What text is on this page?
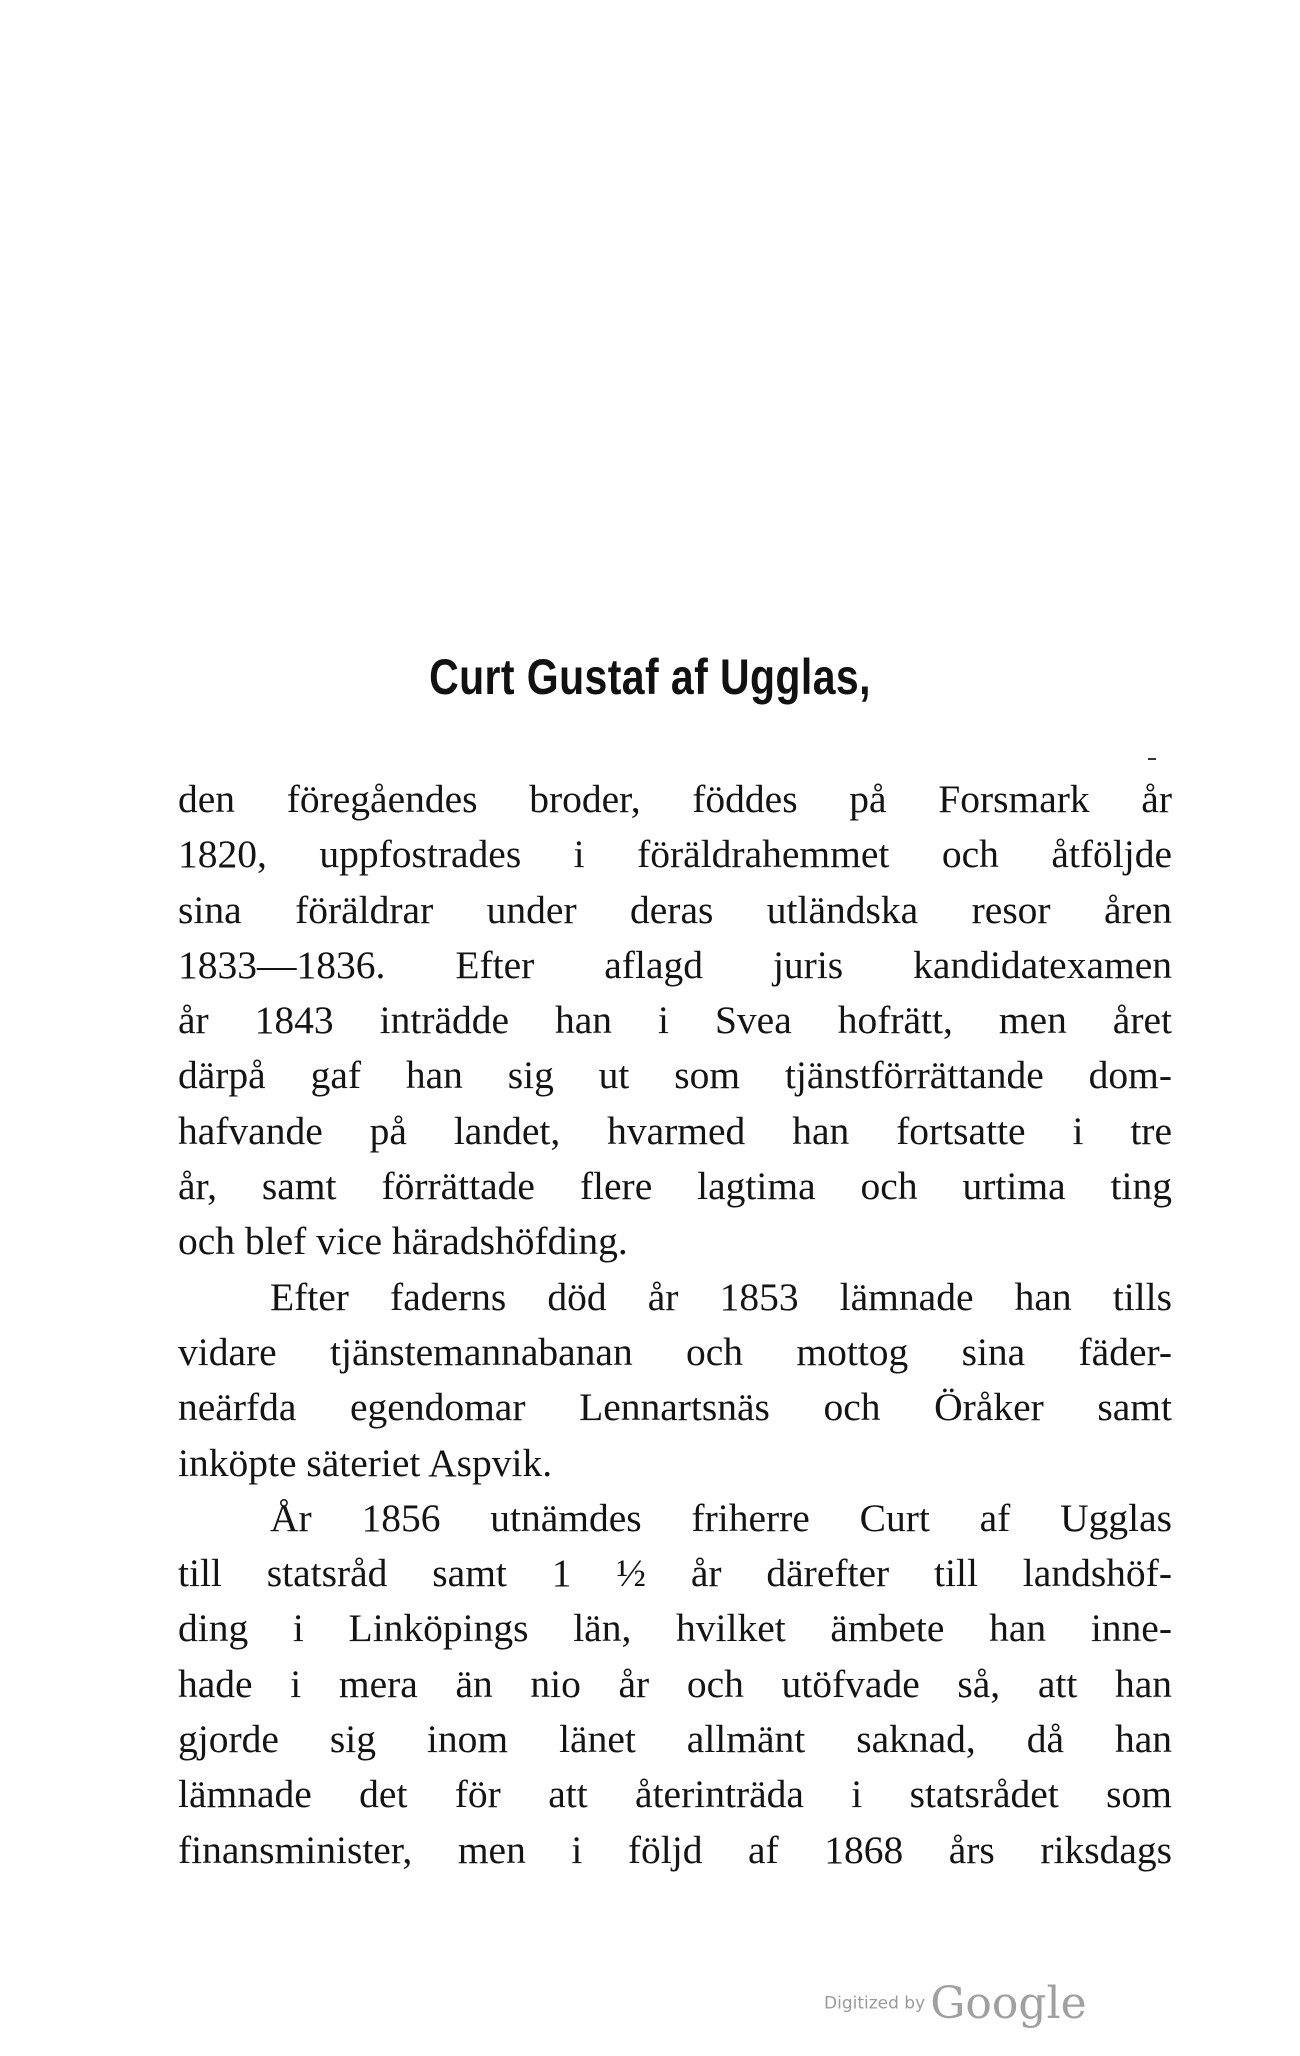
Curt Gustaf af Ugglas,
den föregåendes broder, föddes på Forsmark år
1820, uppfostrades i föräldrahemmet och åtföljde
sina föräldrar under deras utländska resor åren
1833—1836. Efter aflagd juris kandidatexamen
år 1843 inträdde han i Svea hofrätt, men året
därpå gaf han sig ut som tjänstförrättande dom-
hafvande på landet, hvarmed han fortsatte i tre
år, samt förrättade flere lagtima och urtima ting
och blef vice häradshöfding.
Efter faderns död år 1853 lämnade han tills
vidare tjänstemannabanan och mottog sina fäder-
neärfda egendomar Lennartsnäs och Öråker samt
inköpte säteriet Aspvik.
År 1856 utnämdes friherre Curt af Ugglas
till statsråd samt 1 ½ år därefter till landshöf-
ding i Linköpings län, hvilket ämbete han inne-
hade i mera än nio år och utöfvade så, att han
gjorde sig inom länet allmänt saknad, då han
lämnade det för att återinträda i statsrådet som
finansminister, men i följd af 1868 års riksdags
Digitized by Google
